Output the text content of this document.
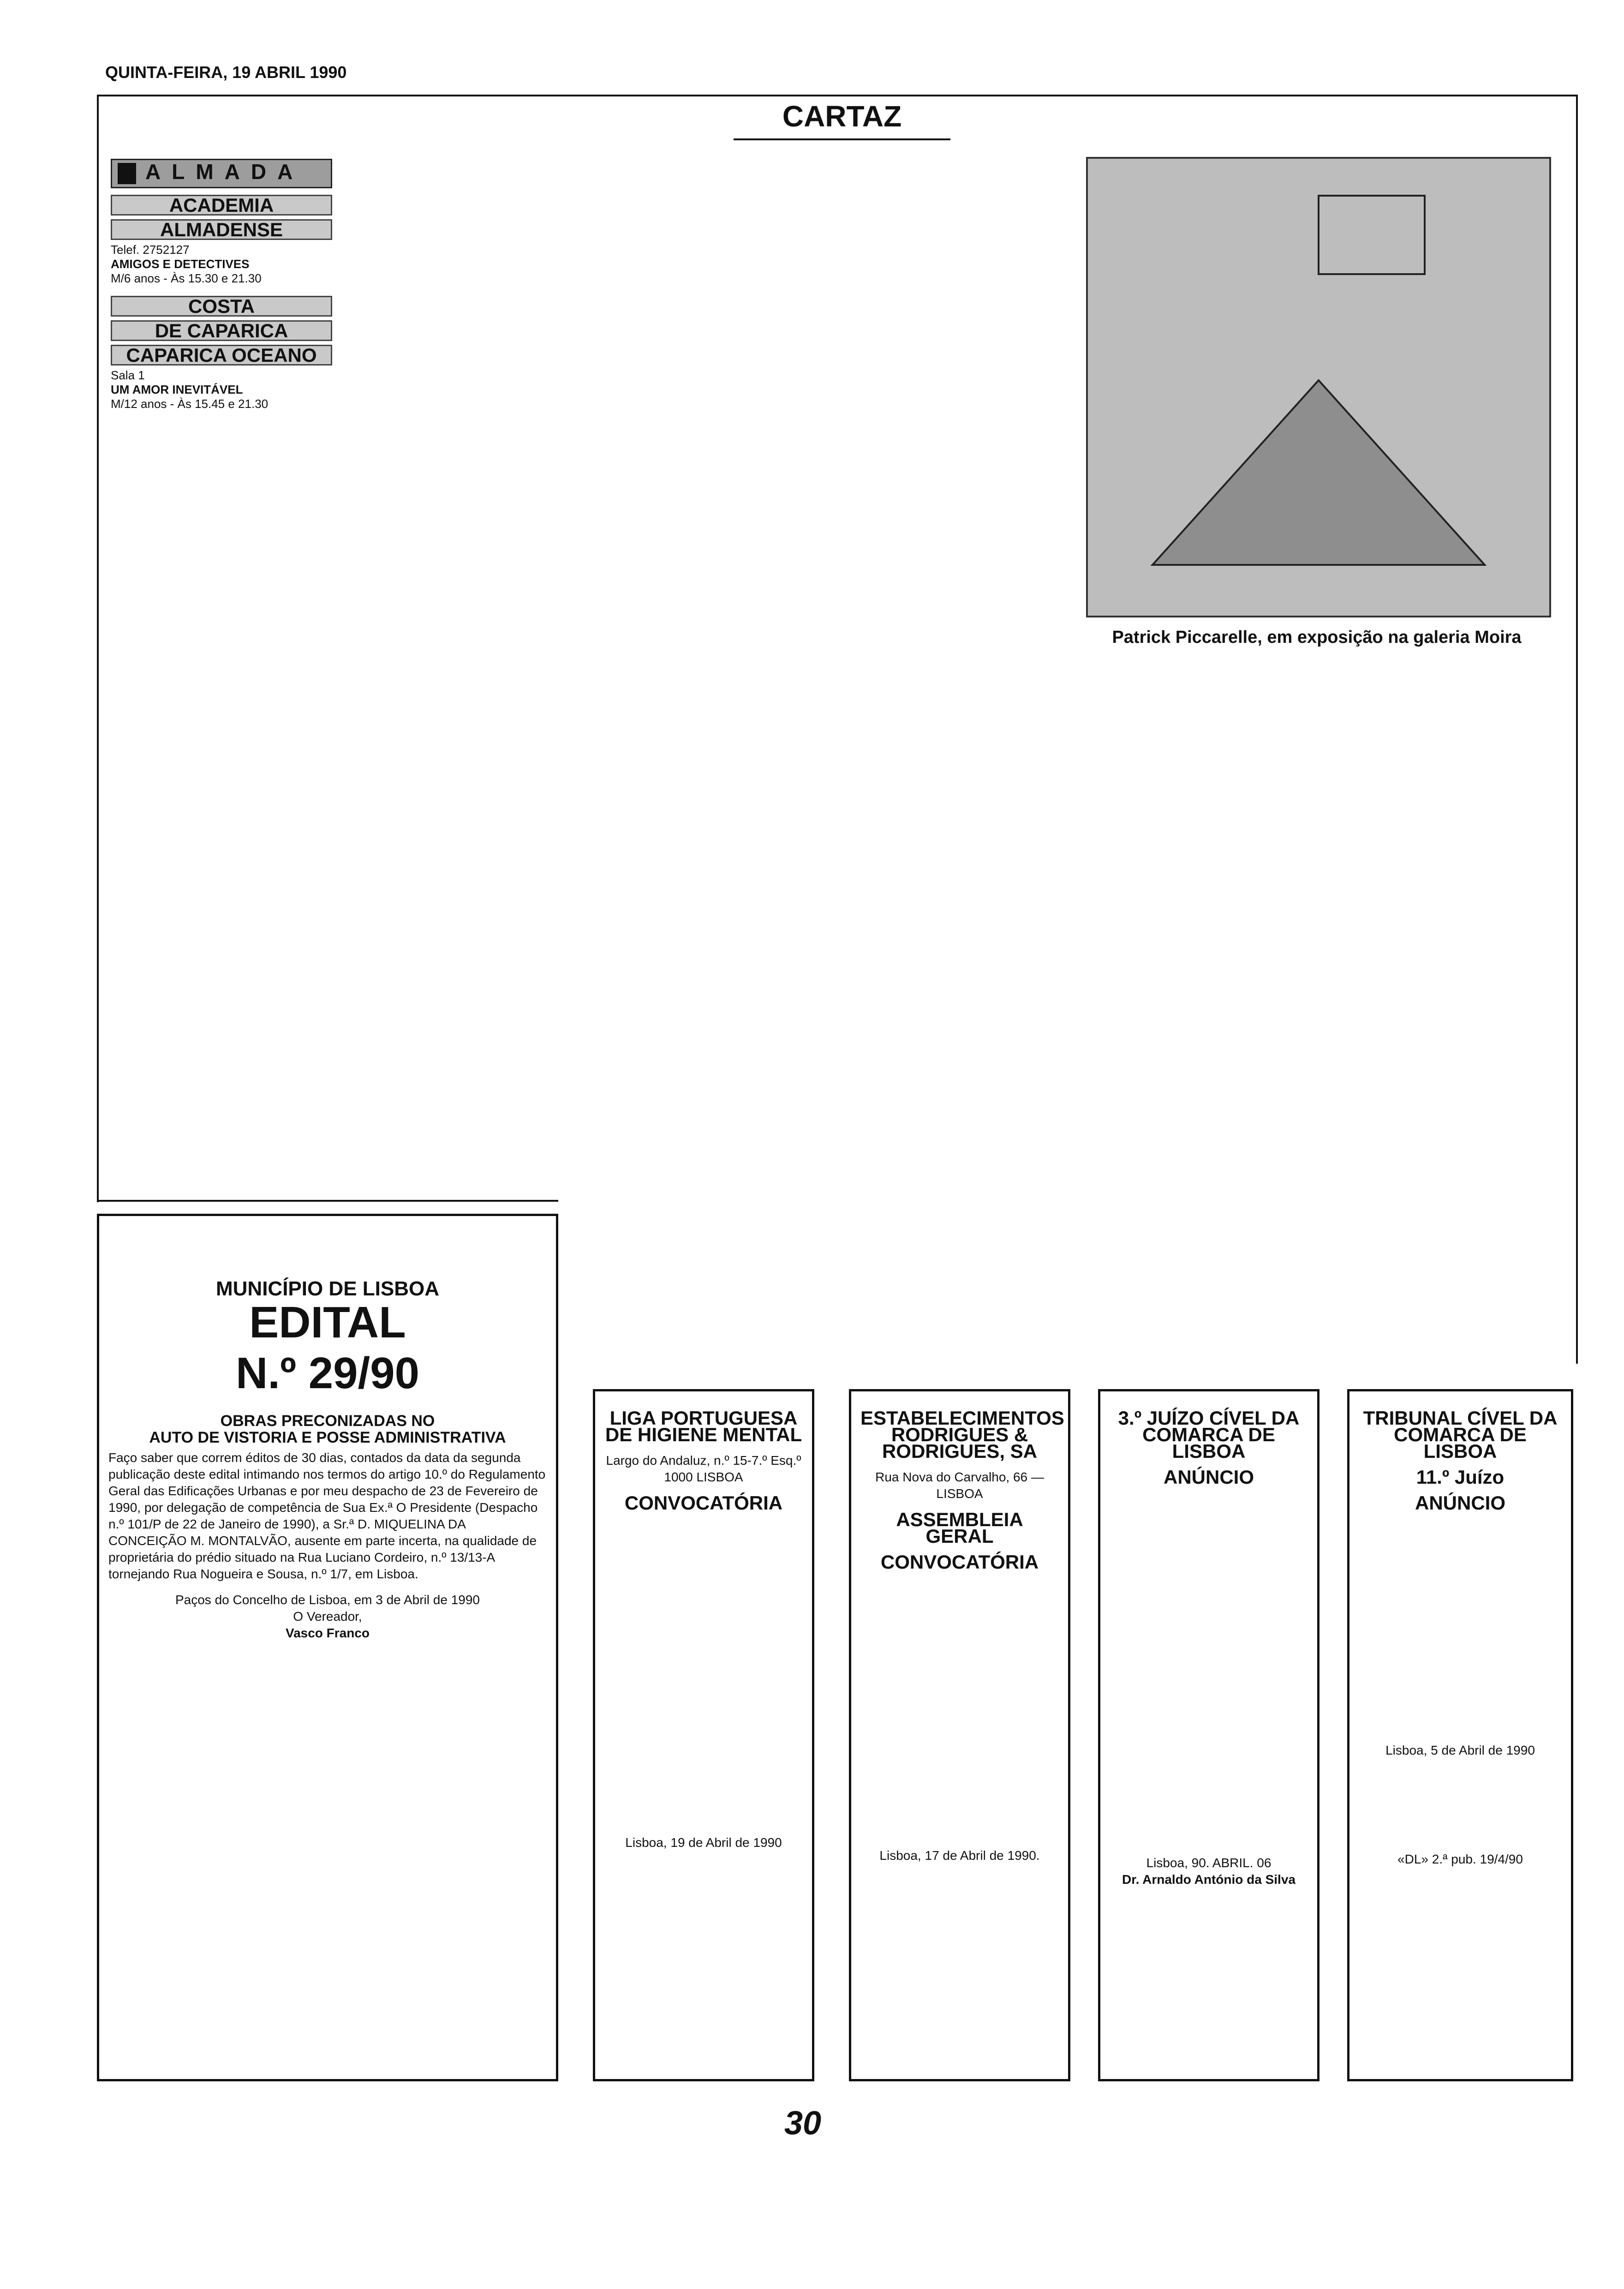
QUINTA-FEIRA, 19 ABRIL 1990
CARTAZ
ALMADA
ACADEMIA
ALMADENSE
Telef. 2752127
AMIGOS E DETECTIVES
M/6 anos - Às 15.30 e 21.30
COSTA
DE CAPARICA
CAPARICA OCEANO
Sala 1
UM AMOR INEVITÁVEL
M/12 anos - Às 15.45 e 21.30
Patrick Piccarelle, em exposição na galeria Moira
MUNICÍPIO DE LISBOA
EDITAL
N.º 29/90
OBRAS PRECONIZADAS NO
AUTO DE VISTORIA E POSSE ADMINISTRATIVA

Faço saber que correm éditos de 30 dias, contados da data da segunda publicação deste edital intimando nos termos do artigo 10.º do Regulamento Geral das Edificações Urbanas e por meu despacho de 23 de Fevereiro de 1990, por delegação de competência de Sua Ex.ª O Presidente (Despacho n.º 101/P de 22 de Janeiro de 1990), a Sr.ª D. MIQUELINA DA CONCEIÇÃO M. MONTALVÃO, ausente em parte incerta, na qualidade de proprietária do prédio situado na Rua Luciano Cordeiro, n.º 13/13-A tornejando Rua Nogueira e Sousa, n.º 1/7, em Lisboa.

Paços do Concelho de Lisboa, em 3 de Abril de 1990
O Vereador,
Vasco Franco
LIGA PORTUGUESA DE HIGIENE MENTAL
Largo do Andaluz, n.º 15-7.º Esq.º 1000 LISBOA
CONVOCATÓRIA
Lisboa, 19 de Abril de 1990
ESTABELECIMENTOS RODRIGUES & RODRIGUES, SA
Rua Nova do Carvalho, 66 — LISBOA
ASSEMBLEIA GERAL
CONVOCATÓRIA
Lisboa, 17 de Abril de 1990.
3.º JUÍZO CÍVEL DA COMARCA DE LISBOA
ANÚNCIO
Lisboa, 90. ABRIL. 06
Dr. Arnaldo António da Silva
TRIBUNAL CÍVEL DA COMARCA DE LISBOA
11.º Juízo
ANÚNCIO
Lisboa, 5 de Abril de 1990
«DL» 2.ª pub. 19/4/90
30
